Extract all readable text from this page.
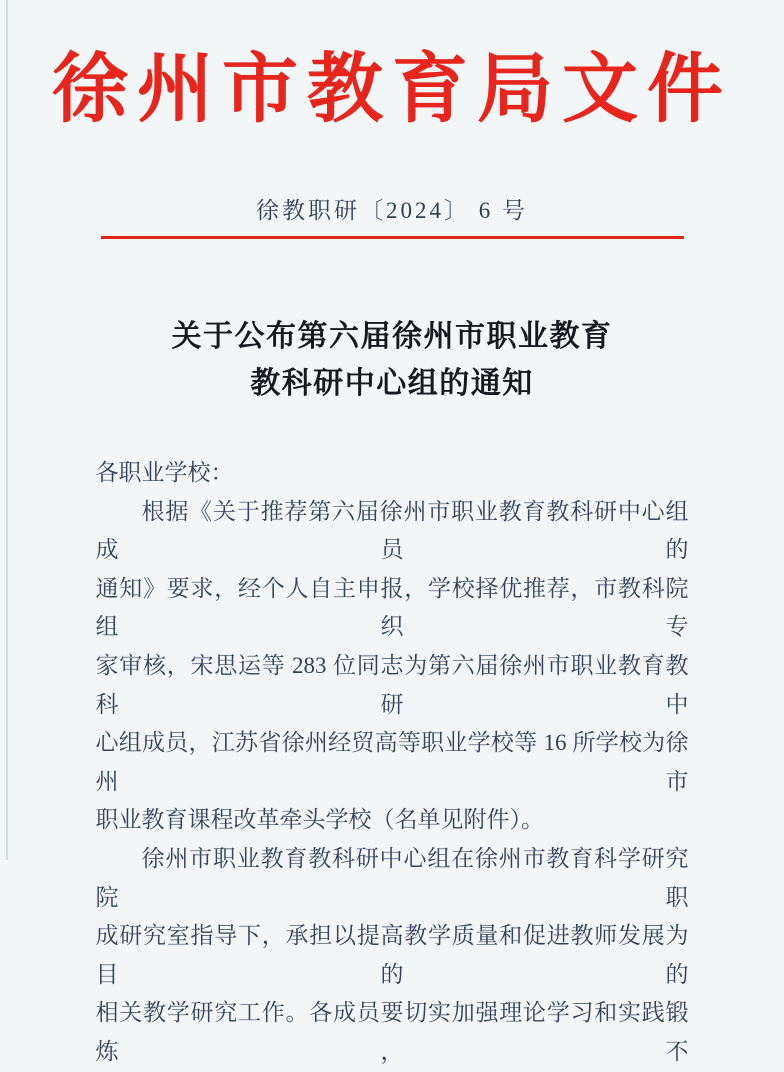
徐州市教育局文件
徐教职研〔2024〕 6 号
关于公布第六届徐州市职业教育
教科研中心组的通知
各职业学校：
根据《关于推荐第六届徐州市职业教育教科研中心组成员的
通知》要求，经个人自主申报，学校择优推荐，市教科院组织专
家审核，宋思运等 283 位同志为第六届徐州市职业教育教科研中
心组成员，江苏省徐州经贸高等职业学校等 16 所学校为徐州市
职业教育课程改革牵头学校（名单见附件）。
徐州市职业教育教科研中心组在徐州市教育科学研究院职
成研究室指导下，承担以提高教学质量和促进教师发展为目的的
相关教学研究工作。各成员要切实加强理论学习和实践锻炼，不
